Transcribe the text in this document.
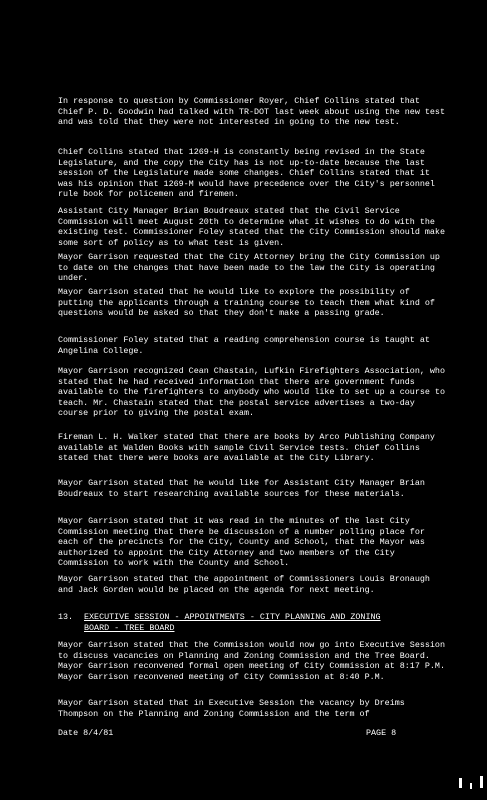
In response to question by Commissioner Royer, Chief Collins stated that Chief P. D. Goodwin had talked with TR-DOT last week about using the new test and was told that they were not interested in going to the new test.
Chief Collins stated that 1269-H is constantly being revised in the State Legislature, and the copy the City has is not up-to-date because the last session of the Legislature made some changes. Chief Collins stated that it was his opinion that 1269-M would have precedence over the City's personnel rule book for policemen and firemen.
Assistant City Manager Brian Boudreaux stated that the Civil Service Commission will meet August 20th to determine what it wishes to do with the existing test. Commissioner Foley stated that the City Commission should make some sort of policy as to what test is given.
Mayor Garrison requested that the City Attorney bring the City Commission up to date on the changes that have been made to the law the City is operating under.
Mayor Garrison stated that he would like to explore the possibility of putting the applicants through a training course to teach them what kind of questions would be asked so that they don't make a passing grade.
Commissioner Foley stated that a reading comprehension course is taught at Angelina College.
Mayor Garrison recognized Cean Chastain, Lufkin Firefighters Association, who stated that he had received information that there are government funds available to the firefighters to anybody who would like to set up a course to teach. Mr. Chastain stated that the postal service advertises a two-day course prior to giving the postal exam.
Fireman L. H. Walker stated that there are books by Arco Publishing Company available at Walden Books with sample Civil Service tests. Chief Collins stated that there were books are available at the City Library.
Mayor Garrison stated that he would like for Assistant City Manager Brian Boudreaux to start researching available sources for these materials.
Mayor Garrison stated that it was read in the minutes of the last City Commission meeting that there be discussion of a number polling place for each of the precincts for the City, County and School, that the Mayor was authorized to appoint the City Attorney and two members of the City Commission to work with the County and School.
Mayor Garrison stated that the appointment of Commissioners Louis Bronaugh and Jack Gorden would be placed on the agenda for next meeting.
13. EXECUTIVE SESSION - APPOINTMENTS - CITY PLANNING AND ZONING
BOARD - TREE BOARD
Mayor Garrison stated that the Commission would now go into Executive Session to discuss vacancies on Planning and Zoning Commission and the Tree Board. Mayor Garrison reconvened formal open meeting of City Commission at 8:17 P.M. Mayor Garrison reconvened meeting of City Commission at 8:40 P.M.
Mayor Garrison stated that in Executive Session the vacancy by Dreims Thompson on the Planning and Zoning Commission and the term of
Date 8/4/81	PAGE 8
